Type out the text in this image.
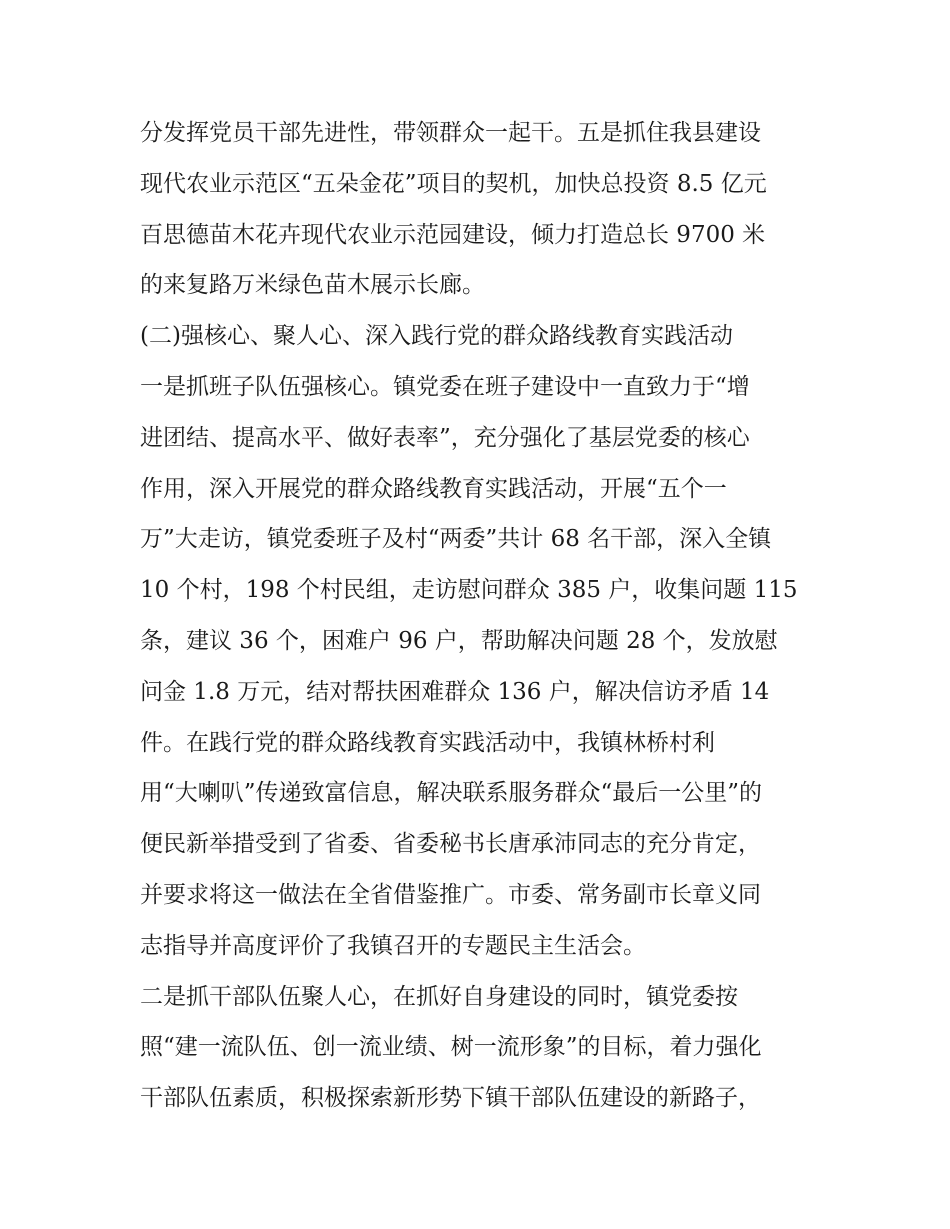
分发挥党员干部先进性，带领群众一起干。五是抓住我县建设
现代农业示范区“五朵金花”项目的契机，加快总投资 8.5 亿元
百思德苗木花卉现代农业示范园建设，倾力打造总长 9700 米
的来复路万米绿色苗木展示长廊。
(二)强核心、聚人心、深入践行党的群众路线教育实践活动
一是抓班子队伍强核心。镇党委在班子建设中一直致力于“增
进团结、提高水平、做好表率”，充分强化了基层党委的核心
作用，深入开展党的群众路线教育实践活动，开展“五个一
万”大走访，镇党委班子及村“两委”共计 68 名干部，深入全镇
10 个村，198 个村民组，走访慰问群众 385 户，收集问题 115
条，建议 36 个，困难户 96 户，帮助解决问题 28 个，发放慰
问金 1.8 万元，结对帮扶困难群众 136 户，解决信访矛盾 14
件。在践行党的群众路线教育实践活动中，我镇林桥村利
用“大喇叭”传递致富信息，解决联系服务群众“最后一公里”的
便民新举措受到了省委、省委秘书长唐承沛同志的充分肯定，
并要求将这一做法在全省借鉴推广。市委、常务副市长章义同
志指导并高度评价了我镇召开的专题民主生活会。
二是抓干部队伍聚人心，在抓好自身建设的同时，镇党委按
照“建一流队伍、创一流业绩、树一流形象”的目标，着力强化
干部队伍素质，积极探索新形势下镇干部队伍建设的新路子，
